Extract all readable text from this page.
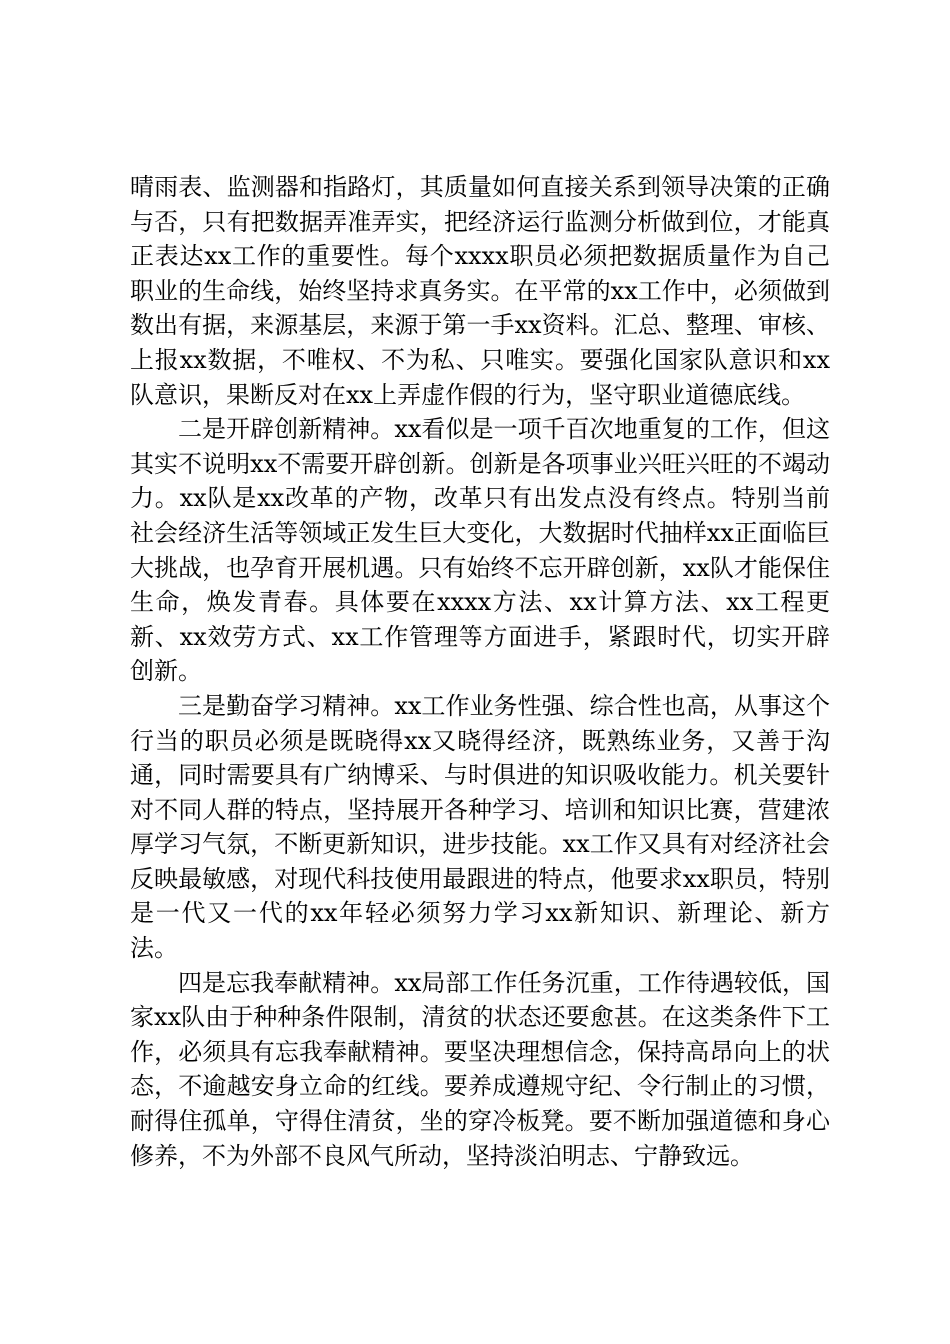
晴雨表、监测器和指路灯，其质量如何直接关系到领导决策的正确与否，只有把数据弄准弄实，把经济运行监测分析做到位，才能真正表达xx工作的重要性。每个xxxx职员必须把数据质量作为自己职业的生命线，始终坚持求真务实。在平常的xx工作中，必须做到数出有据，来源基层，来源于第一手xx资料。汇总、整理、审核、上报xx数据，不唯权、不为私、只唯实。要强化国家队意识和xx队意识，果断反对在xx上弄虚作假的行为，坚守职业道德底线。

二是开辟创新精神。xx看似是一项千百次地重复的工作，但这其实不说明xx不需要开辟创新。创新是各项事业兴旺兴旺的不竭动力。xx队是xx改革的产物，改革只有出发点没有终点。特别当前社会经济生活等领域正发生巨大变化，大数据时代抽样xx正面临巨大挑战，也孕育开展机遇。只有始终不忘开辟创新，xx队才能保住生命，焕发青春。具体要在xxxx方法、xx计算方法、xx工程更新、xx效劳方式、xx工作管理等方面进手，紧跟时代，切实开辟创新。

三是勤奋学习精神。xx工作业务性强、综合性也高，从事这个行当的职员必须是既晓得xx又晓得经济，既熟练业务，又善于沟通，同时需要具有广纳博采、与时俱进的知识吸收能力。机关要针对不同人群的特点，坚持展开各种学习、培训和知识比赛，营建浓厚学习气氛，不断更新知识，进步技能。xx工作又具有对经济社会反映最敏感，对现代科技使用最跟进的特点，他要求xx职员，特别是一代又一代的xx年轻必须努力学习xx新知识、新理论、新方法。

四是忘我奉献精神。xx局部工作任务沉重，工作待遇较低，国家xx队由于种种条件限制，清贫的状态还要愈甚。在这类条件下工作，必须具有忘我奉献精神。要坚决理想信念，保持高昂向上的状态，不逾越安身立命的红线。要养成遵规守纪、令行制止的习惯，耐得住孤单，守得住清贫，坐的穿冷板凳。要不断加强道德和身心修养，不为外部不良风气所动，坚持淡泊明志、宁静致远。
